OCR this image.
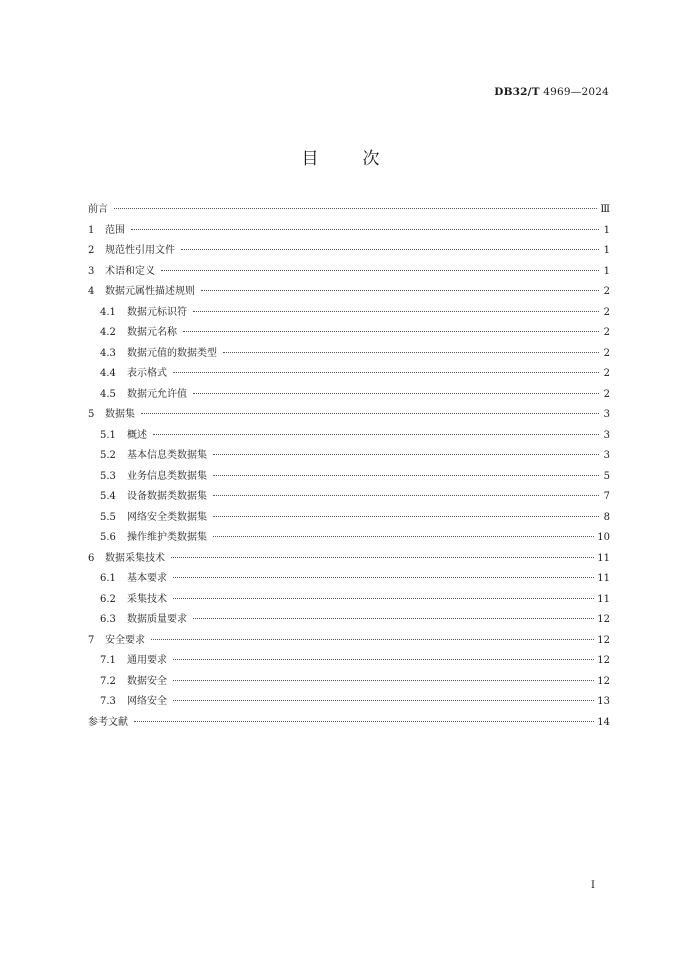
DB32/T 4969—2024
目	次
前言	Ⅲ
1	范围	1
2	规范性引用文件	1
3	术语和定义	1
4	数据元属性描述规则	2
4.1	数据元标识符	2
4.2	数据元名称	2
4.3	数据元值的数据类型	2
4.4	表示格式	2
4.5	数据元允许值	2
5	数据集	3
5.1	概述	3
5.2	基本信息类数据集	3
5.3	业务信息类数据集	5
5.4	设备数据类数据集	7
5.5	网络安全类数据集	8
5.6	操作维护类数据集	10
6	数据采集技术	11
6.1	基本要求	11
6.2	采集技术	11
6.3	数据质量要求	12
7	安全要求	12
7.1	通用要求	12
7.2	数据安全	12
7.3	网络安全	13
参考文献	14
I
